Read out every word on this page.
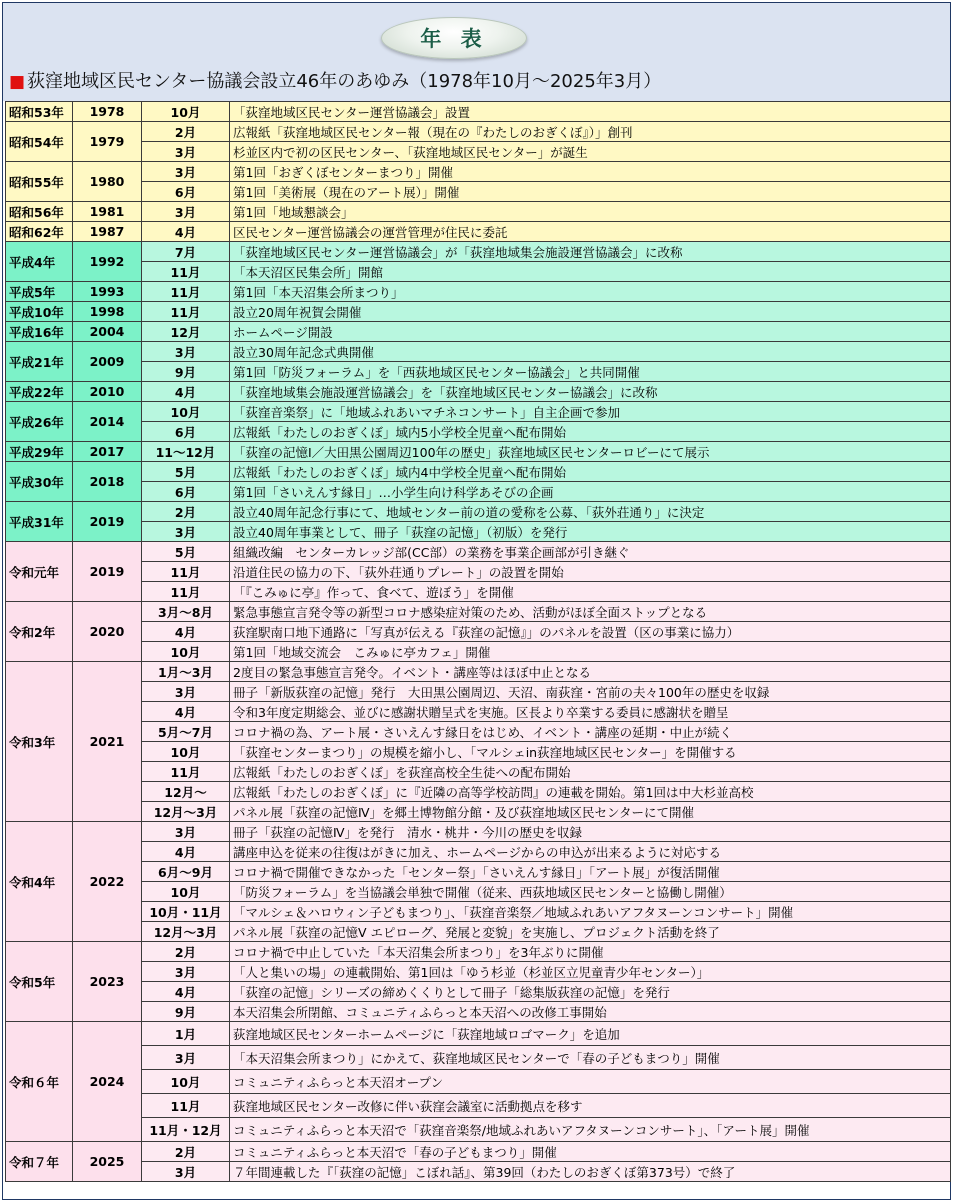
年 表
■ 荻窪地域区民センター協議会設立46年のあゆみ（1978年10月～2025年3月）
昭和53年	1978	10月	「荻窪地域区民センター運営協議会」設置
昭和54年	1979	2月	広報紙「荻窪地域区民センター報（現在の『わたしのおぎくぼ』）」創刊
		3月	杉並区内で初の区民センター、「荻窪地域区民センター」が誕生
昭和55年	1980	3月	第1回「おぎくぼセンターまつり」開催
		6月	第1回「美術展（現在のアート展）」開催
昭和56年	1981	3月	第1回「地域懇談会」
昭和62年	1987	4月	区民センター運営協議会の運営管理が住民に委託
平成4年	1992	7月	「荻窪地域区民センター運営協議会」が「荻窪地域集会施設運営協議会」に改称
		11月	「本天沼区民集会所」開館
平成5年	1993	11月	第1回「本天沼集会所まつり」
平成10年	1998	11月	設立20周年祝賀会開催
平成16年	2004	12月	ホームページ開設
平成21年	2009	3月	設立30周年記念式典開催
		9月	第1回「防災フォーラム」を「西荻地域区民センター協議会」と共同開催
平成22年	2010	4月	「荻窪地域集会施設運営協議会」を「荻窪地域区民センター協議会」に改称
平成26年	2014	10月	「荻窪音楽祭」に「地域ふれあいマチネコンサート」自主企画で参加
		6月	広報紙「わたしのおぎくぼ」域内5小学校全児童へ配布開始
平成29年	2017	11～12月	「荻窪の記憶Ⅰ／大田黒公園周辺100年の歴史」荻窪地域区民センターロビーにて展示
平成30年	2018	5月	広報紙「わたしのおぎくぼ」域内4中学校全児童へ配布開始
		6月	第1回「さいえんす縁日」…小学生向け科学あそびの企画
平成31年	2019	2月	設立40周年記念行事にて、地域センター前の道の愛称を公募、「荻外荘通り」に決定
		3月	設立40周年事業として、冊子「荻窪の記憶」（初版）を発行
令和元年	2019	5月	組織改編　センターカレッジ部(CC部）の業務を事業企画部が引き継ぐ
		11月	沿道住民の協力の下、「荻外荘通りプレート」の設置を開始
		11月	「『こみゅに亭』作って、食べて、遊ぼう」を開催
令和2年	2020	3月～8月	緊急事態宣言発令等の新型コロナ感染症対策のため、活動がほぼ全面ストップとなる
		4月	荻窪駅南口地下通路に「写真が伝える『荻窪の記憶』」のパネルを設置（区の事業に協力）
		10月	第1回「地域交流会　こみゅに亭カフェ」開催
令和3年	2021	1月～3月	2度目の緊急事態宣言発令。イベント・講座等はほぼ中止となる
		3月	冊子「新版荻窪の記憶」発行　大田黒公園周辺、天沼、南荻窪・宮前の夫々100年の歴史を収録
		4月	令和3年度定期総会、並びに感謝状贈呈式を実施。区長より卒業する委員に感謝状を贈呈
		5月～7月	コロナ禍の為、アート展・さいえんす縁日をはじめ、イベント・講座の延期・中止が続く
		10月	「荻窪センターまつり」の規模を縮小し、「マルシェin荻窪地域区民センター」を開催する
		11月	広報紙「わたしのおぎくぼ」を荻窪高校全生徒への配布開始
		12月～	広報紙「わたしのおぎくぼ」に『近隣の高等学校訪問』の連載を開始。第1回は中大杉並高校
		12月～3月	パネル展「荻窪の記憶Ⅳ」を郷土博物館分館・及び荻窪地域区民センターにて開催
令和4年	2022	3月	冊子「荻窪の記憶Ⅳ」を発行　清水・桃井・今川の歴史を収録
		4月	講座申込を従来の往復はがきに加え、ホームページからの申込が出来るように対応する
		6月～9月	コロナ禍で開催できなかった「センター祭」「さいえんす縁日」「アート展」が復活開催
		10月	「防災フォーラム」を当協議会単独で開催（従来、西荻地域区民センターと協働し開催）
		10月・11月	「マルシェ＆ハロウィン子どもまつり」、「荻窪音楽祭／地域ふれあいアフタヌーンコンサート」開催
		12月～3月	パネル展「荻窪の記憶Ⅴ エピローグ、発展と変貌」を実施し、プロジェクト活動を終了
令和5年	2023	2月	コロナ禍で中止していた「本天沼集会所まつり」を3年ぶりに開催
		3月	「人と集いの場」の連載開始、第1回は「ゆう杉並（杉並区立児童青少年センター）」
		4月	「荻窪の記憶」シリーズの締めくくりとして冊子「総集版荻窪の記憶」を発行
		9月	本天沼集会所閉館、コミュニティふらっと本天沼への改修工事開始
令和６年	2024	1月	荻窪地域区民センターホームページに「荻窪地域ロゴマーク」を追加
		3月	「本天沼集会所まつり」にかえて、荻窪地域区民センターで「春の子どもまつり」開催
		10月	コミュニティふらっと本天沼オープン
		11月	荻窪地域区民センター改修に伴い荻窪会議室に活動拠点を移す
		11月・12月	コミュニティふらっと本天沼で「荻窪音楽祭/地域ふれあいアフタヌーンコンサート」、「アート展」開催
令和７年	2025	2月	コミュニティふらっと本天沼で「春の子どもまつり」開催
		3月	７年間連載した『「荻窪の記憶」こぼれ話』、第39回（わたしのおぎくぼ第373号）で終了
